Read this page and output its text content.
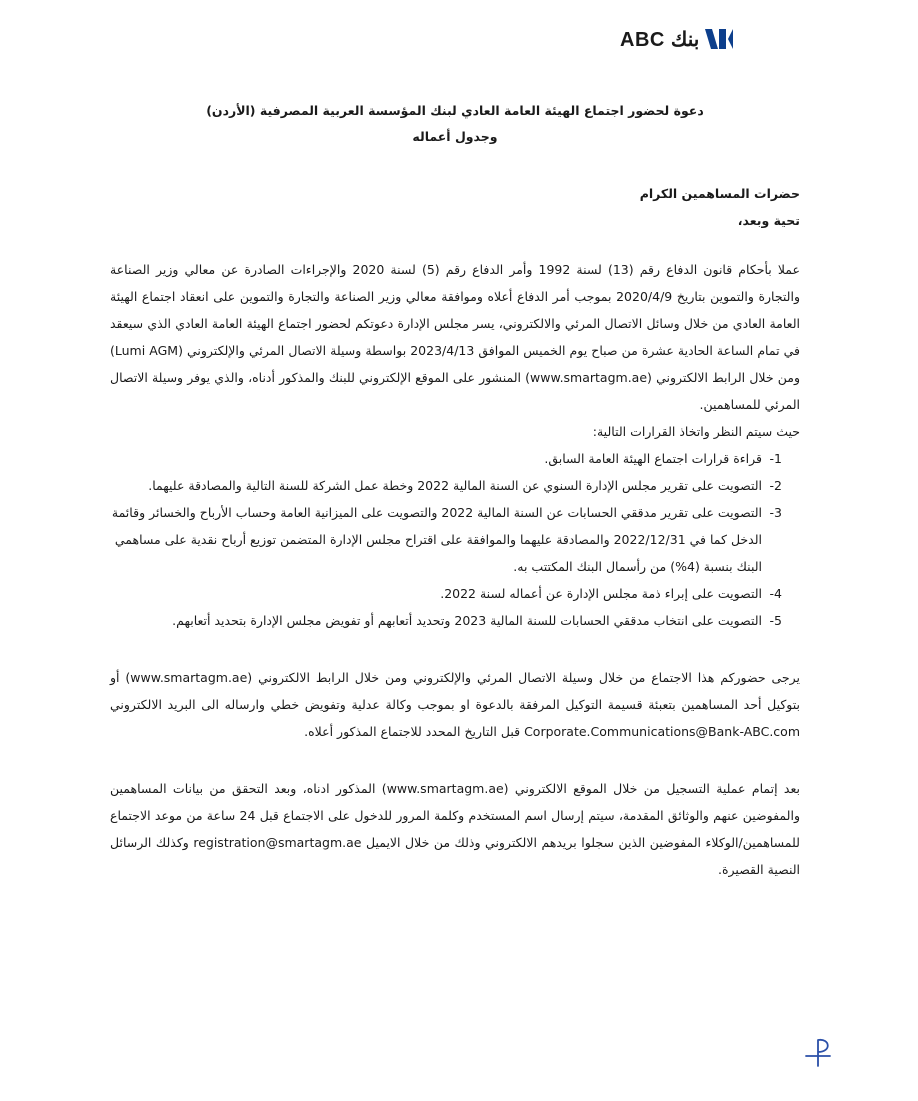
ABC بنك

دعوة لحضور اجتماع الهيئة العامة العادي لبنك المؤسسة العربية المصرفية (الأردن)

وجدول أعماله

حضرات المساهمين الكرام

تحية وبعد،

عملا بأحكام قانون الدفاع رقم (13) لسنة 1992 وأمر الدفاع رقم (5) لسنة 2020 والإجراءات الصادرة عن معالي وزير الصناعة والتجارة والتموين بتاريخ 2020/4/9 بموجب أمر الدفاع أعلاه وموافقة معالي وزير الصناعة والتجارة والتموين على انعقاد اجتماع الهيئة العامة العادي من خلال وسائل الاتصال المرئي والالكتروني، يسر مجلس الإدارة دعوتكم لحضور اجتماع الهيئة العامة العادي الذي سيعقد في تمام الساعة الحادية عشرة من صباح يوم الخميس الموافق 2023/4/13 بواسطة وسيلة الاتصال المرئي والإلكتروني (Lumi AGM) ومن خلال الرابط الالكتروني (www.smartagm.ae) المنشور على الموقع الإلكتروني للبنك والمذكور أدناه، والذي يوفر وسيلة الاتصال المرئي للمساهمين.

حيث سيتم النظر واتخاذ القرارات التالية:

1-
قراءة قرارات اجتماع الهيئة العامة السابق.
2-
التصويت على تقرير مجلس الإدارة السنوي عن السنة المالية 2022 وخطة عمل الشركة للسنة التالية والمصادقة عليهما.
3-
التصويت على تقرير مدققي الحسابات عن السنة المالية 2022 والتصويت على الميزانية العامة وحساب الأرباح والخسائر وقائمة الدخل كما في 2022/12/31 والمصادقة عليهما والموافقة على اقتراح مجلس الإدارة المتضمن توزيع أرباح نقدية على مساهمي البنك بنسبة (4%) من رأسمال البنك المكتتب به.
4-
التصويت على إبراء ذمة مجلس الإدارة عن أعماله لسنة 2022.
5-
التصويت على انتخاب مدققي الحسابات للسنة المالية 2023 وتحديد أتعابهم أو تفويض مجلس الإدارة بتحديد أتعابهم.

يرجى حضوركم هذا الاجتماع من خلال وسيلة الاتصال المرئي والإلكتروني ومن خلال الرابط الالكتروني (www.smartagm.ae) أو بتوكيل أحد المساهمين بتعبئة قسيمة التوكيل المرفقة بالدعوة او بموجب وكالة عدلية وتفويض خطي وارساله الى البريد الالكتروني Corporate.Communications@Bank-ABC.com قبل التاريخ المحدد للاجتماع المذكور أعلاه.

بعد إتمام عملية التسجيل من خلال الموقع الالكتروني (www.smartagm.ae) المذكور ادناه، وبعد التحقق من بيانات المساهمين والمفوضين عنهم والوثائق المقدمة، سيتم إرسال اسم المستخدم وكلمة المرور للدخول على الاجتماع قبل 24 ساعة من موعد الاجتماع للمساهمين/الوكلاء المفوضين الذين سجلوا بريدهم الالكتروني وذلك من خلال الايميل registration@smartagm.ae وكذلك الرسائل النصية القصيرة.
